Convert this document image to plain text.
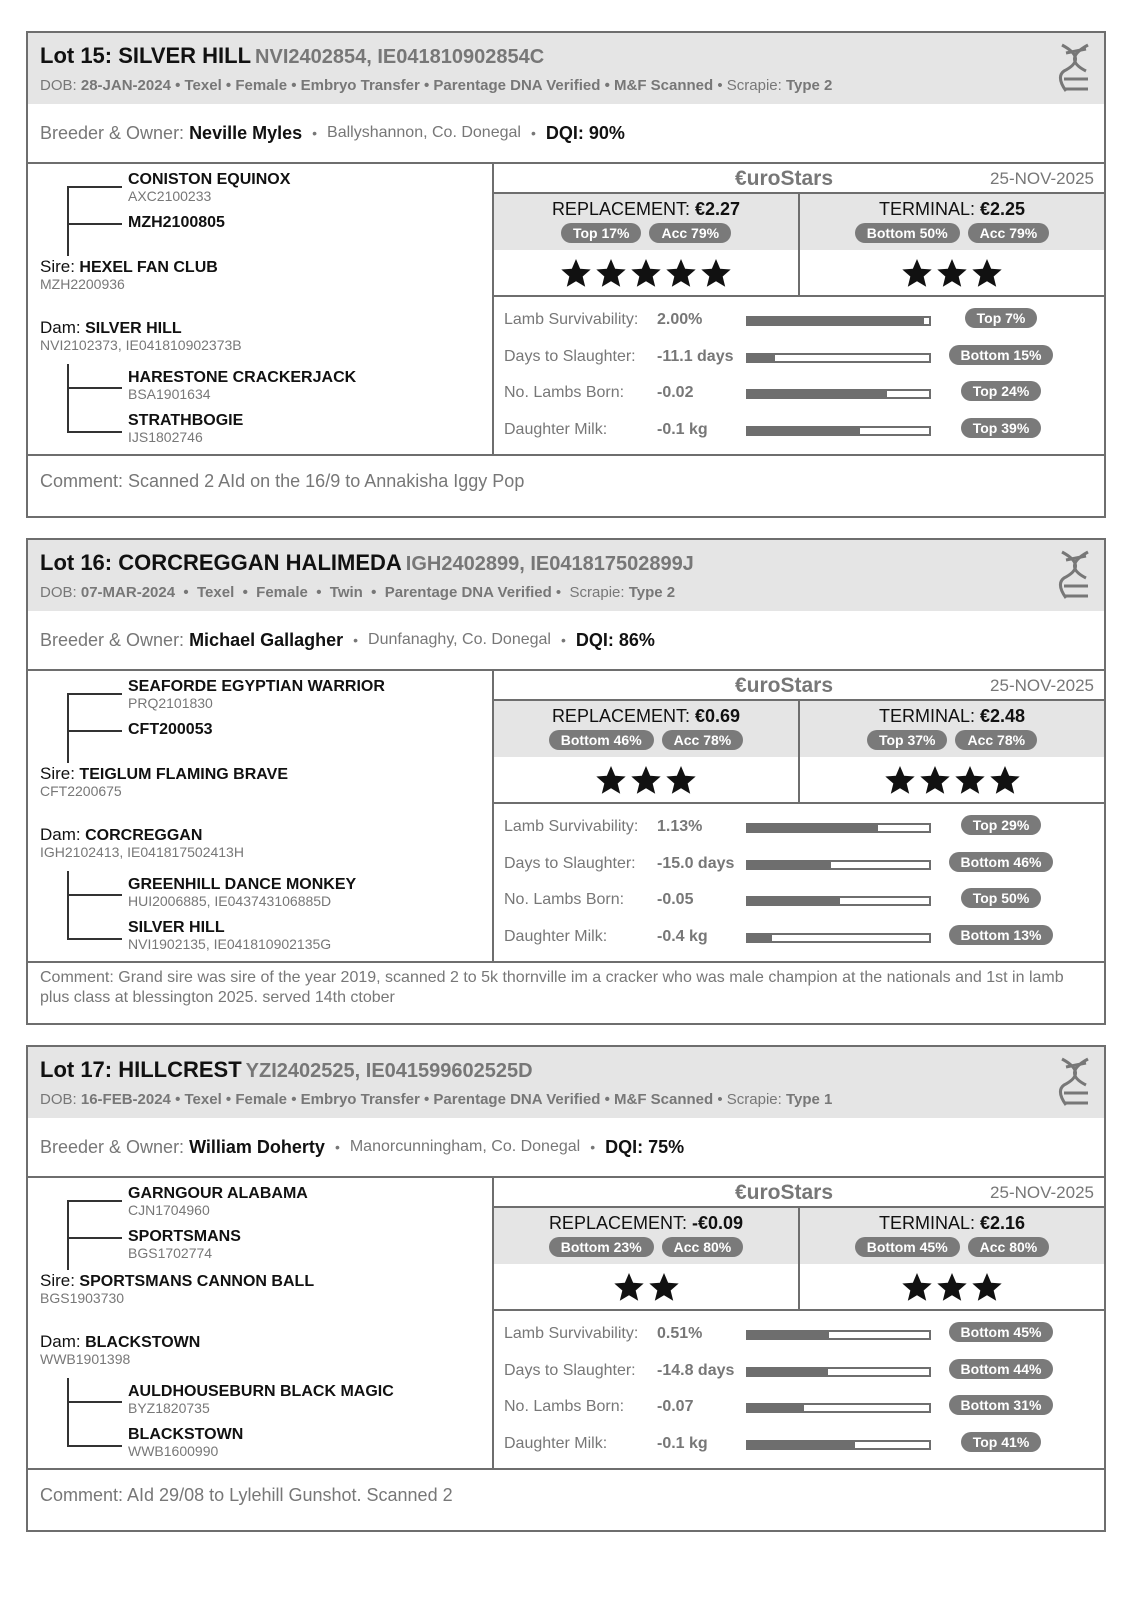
Lot 15: SILVER HILL NVI2402854, IE041810902854C
DOB: 28-JAN-2024 • Texel • Female • Embryo Transfer • Parentage DNA Verified • M&F Scanned • Scrapie: Type 2
Breeder & Owner: Neville Myles • Ballyshannon, Co. Donegal • DQI: 90%
CONISTON EQUINOX
AXC2100233
MZH2100805
Sire: HEXEL FAN CLUB
MZH2200936
Dam: SILVER HILL
NVI2102373, IE041810902373B
HARESTONE CRACKERJACK
BSA1901634
STRATHBOGIE
IJS1802746
€uroStars	25-NOV-2025
REPLACEMENT: €2.27
Top 17%	Acc 79%
TERMINAL: €2.25
Bottom 50%	Acc 79%
Lamb Survivability: 2.00%	Top 7%
Days to Slaughter: -11.1 days	Bottom 15%
No. Lambs Born: -0.02	Top 24%
Daughter Milk:	-0.1 kg	Top 39%
Comment: Scanned 2 AId on the 16/9 to Annakisha Iggy Pop
Lot 16: CORCREGGAN HALIMEDA IGH2402899, IE041817502899J
DOB: 07-MAR-2024  •  Texel  •  Female  •  Twin  •  Parentage DNA Verified •  Scrapie: Type 2
Breeder & Owner: Michael Gallagher • Dunfanaghy, Co. Donegal • DQI: 86%
SEAFORDE EGYPTIAN WARRIOR
PRQ2101830
CFT200053
Sire: TEIGLUM FLAMING BRAVE
CFT2200675
Dam: CORCREGGAN
IGH2102413, IE041817502413H
GREENHILL DANCE MONKEY
HUI2006885, IE043743106885D
SILVER HILL
NVI1902135, IE041810902135G
€uroStars	25-NOV-2025
REPLACEMENT: €0.69
Bottom 46%	Acc 78%
TERMINAL: €2.48
Top 37%	Acc 78%
Lamb Survivability: 1.13%	Top 29%
Days to Slaughter: -15.0 days	Bottom 46%
No. Lambs Born: -0.05	Top 50%
Daughter Milk:	-0.4 kg	Bottom 13%
Comment: Grand sire was sire of the year 2019, scanned 2 to 5k thornville im a cracker who was male champion at the nationals and 1st in lamb plus class at blessington 2025. served 14th ctober
Lot 17: HILLCREST YZI2402525, IE041599602525D
DOB: 16-FEB-2024 • Texel • Female • Embryo Transfer • Parentage DNA Verified • M&F Scanned • Scrapie: Type 1
Breeder & Owner: William Doherty • Manorcunningham, Co. Donegal • DQI: 75%
GARNGOUR ALABAMA
CJN1704960
SPORTSMANS
BGS1702774
Sire: SPORTSMANS CANNON BALL
BGS1903730
Dam: BLACKSTOWN
WWB1901398
AULDHOUSEBURN BLACK MAGIC
BYZ1820735
BLACKSTOWN
WWB1600990
€uroStars	25-NOV-2025
REPLACEMENT: -€0.09
Bottom 23%	Acc 80%
TERMINAL: €2.16
Bottom 45%	Acc 80%
Lamb Survivability: 0.51%	Bottom 45%
Days to Slaughter: -14.8 days	Bottom 44%
No. Lambs Born: -0.07	Bottom 31%
Daughter Milk:	-0.1 kg	Top 41%
Comment: AId 29/08 to Lylehill Gunshot. Scanned 2
